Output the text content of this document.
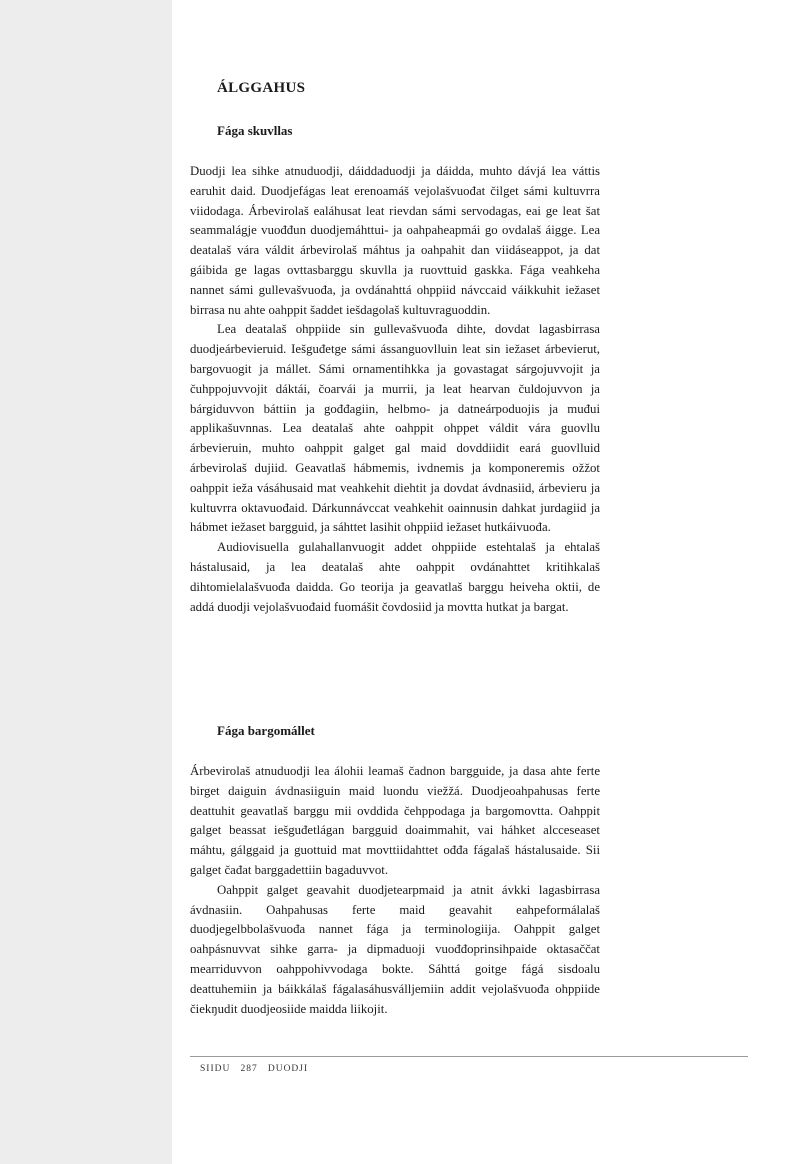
ÁLGGAHUS
Fága skuvllas

Duodji lea sihke atnuduodji, dáiddaduodji ja dáidda, muhto dávjá lea váttis earuhit daid. Duodjefágas leat erenoamáš vejolašvuođat čilget sámi kultuvrra viidodaga. Árbevirolaš ealáhusat leat rievdan sámi servodagas, eai ge leat šat seammalágje vuođđun duodjemáhttui- ja oahpaheapmái go ovdalaš áigge. Lea deatalaš vára váldit árbevirolaš máhtus ja oahpahit dan viidáseappot, ja dat gáibida ge lagas ovttasbarggu skuvlla ja ruovttuid gaskka. Fága veahkeha nannet sámi gullevašvuođa, ja ovdánahttá ohppiid návccaid váikkuhit iežaset birrasa nu ahte oahppit šaddet iešdagolaš kultuvraguoddin.

Lea deatalaš ohppiide sin gullevašvuođa dihte, dovdat lagasbirrasa duodjeárbevieruid. Iešguđetge sámi ássanguovlluin leat sin iežaset árbevierut, bargovuogit ja mállet. Sámi ornamentihkka ja govastagat sárgojuvvojit ja čuhppojuvvojit dáktái, čoarvái ja murrii, ja leat hearvan čuldojuvvon ja bárgiduvvon báttiin ja gođđagiin, helbmo- ja datneárpoduojis ja muđui applikašuvnnas. Lea deatalaš ahte oahppit ohppet váldit vára guovllu árbevieruin, muhto oahppit galget gal maid dovddiidit eará guovlluid árbevirolaš dujiid. Geavatlaš hábmemis, ivdnemis ja komponeremis ožžot oahppit ieža vásáhusaid mat veahkehit diehtit ja dovdat ávdnasiid, árbevieru ja kultuvrra oktavuođaid. Dárkunnávccat veahkehit oainnusin dahkat jurdagiid ja hábmet iežaset bargguid, ja sáhttet lasihit ohppiid iežaset hutkáivuođa.

Audiovisuella gulahallanvuogit addet ohppiide estehtalaš ja ehtalaš hástalusaid, ja lea deatalaš ahte oahppit ovdánahttet kritihkalaš dihtomielalašvuođa daidda. Go teorija ja geavatlaš barggu heiveha oktii, de addá duodji vejolašvuođaid fuomášit čovdosiid ja movtta hutkat ja bargat.

Fága bargomállet

Árbevirolaš atnuduodji lea álohii leamaš čadnon bargguide, ja dasa ahte ferte birget daiguin ávdnasiiguin maid luondu viežžá. Duodjeoahpahusas ferte deattuhit geavatlaš barggu mii ovddida čehppodaga ja bargomovtta. Oahppit galget beassat iešguđetlágan bargguid doaimmahit, vai háhket alcceseaset máhtu, gálggaid ja guottuid mat movttiidahttet ođđa fágalaš hástalusaide. Sii galget čađat barggadettiin bagaduvvot.

Oahppit galget geavahit duodjetearpmaid ja atnit ávkki lagasbirrasa ávdnasiin. Oahpahusas ferte maid geavahit eahpeformálalaš duodjegelbbolašvuođa nannet fága ja terminologiija. Oahppit galget oahpásnuvvat sihke garra- ja dipmaduoji vuođđoprinsihpaide oktasaččat mearriduvvon oahppohivvodaga bokte. Sáhttá goitge fágá sisdoalu deattuhemiin ja báikkálaš fágalasáhusválljemiin addit vejolašvuođa ohppiide čiekŋudit duodjeosiide maidda liikojit.

SIIDU 287 DUODJI
